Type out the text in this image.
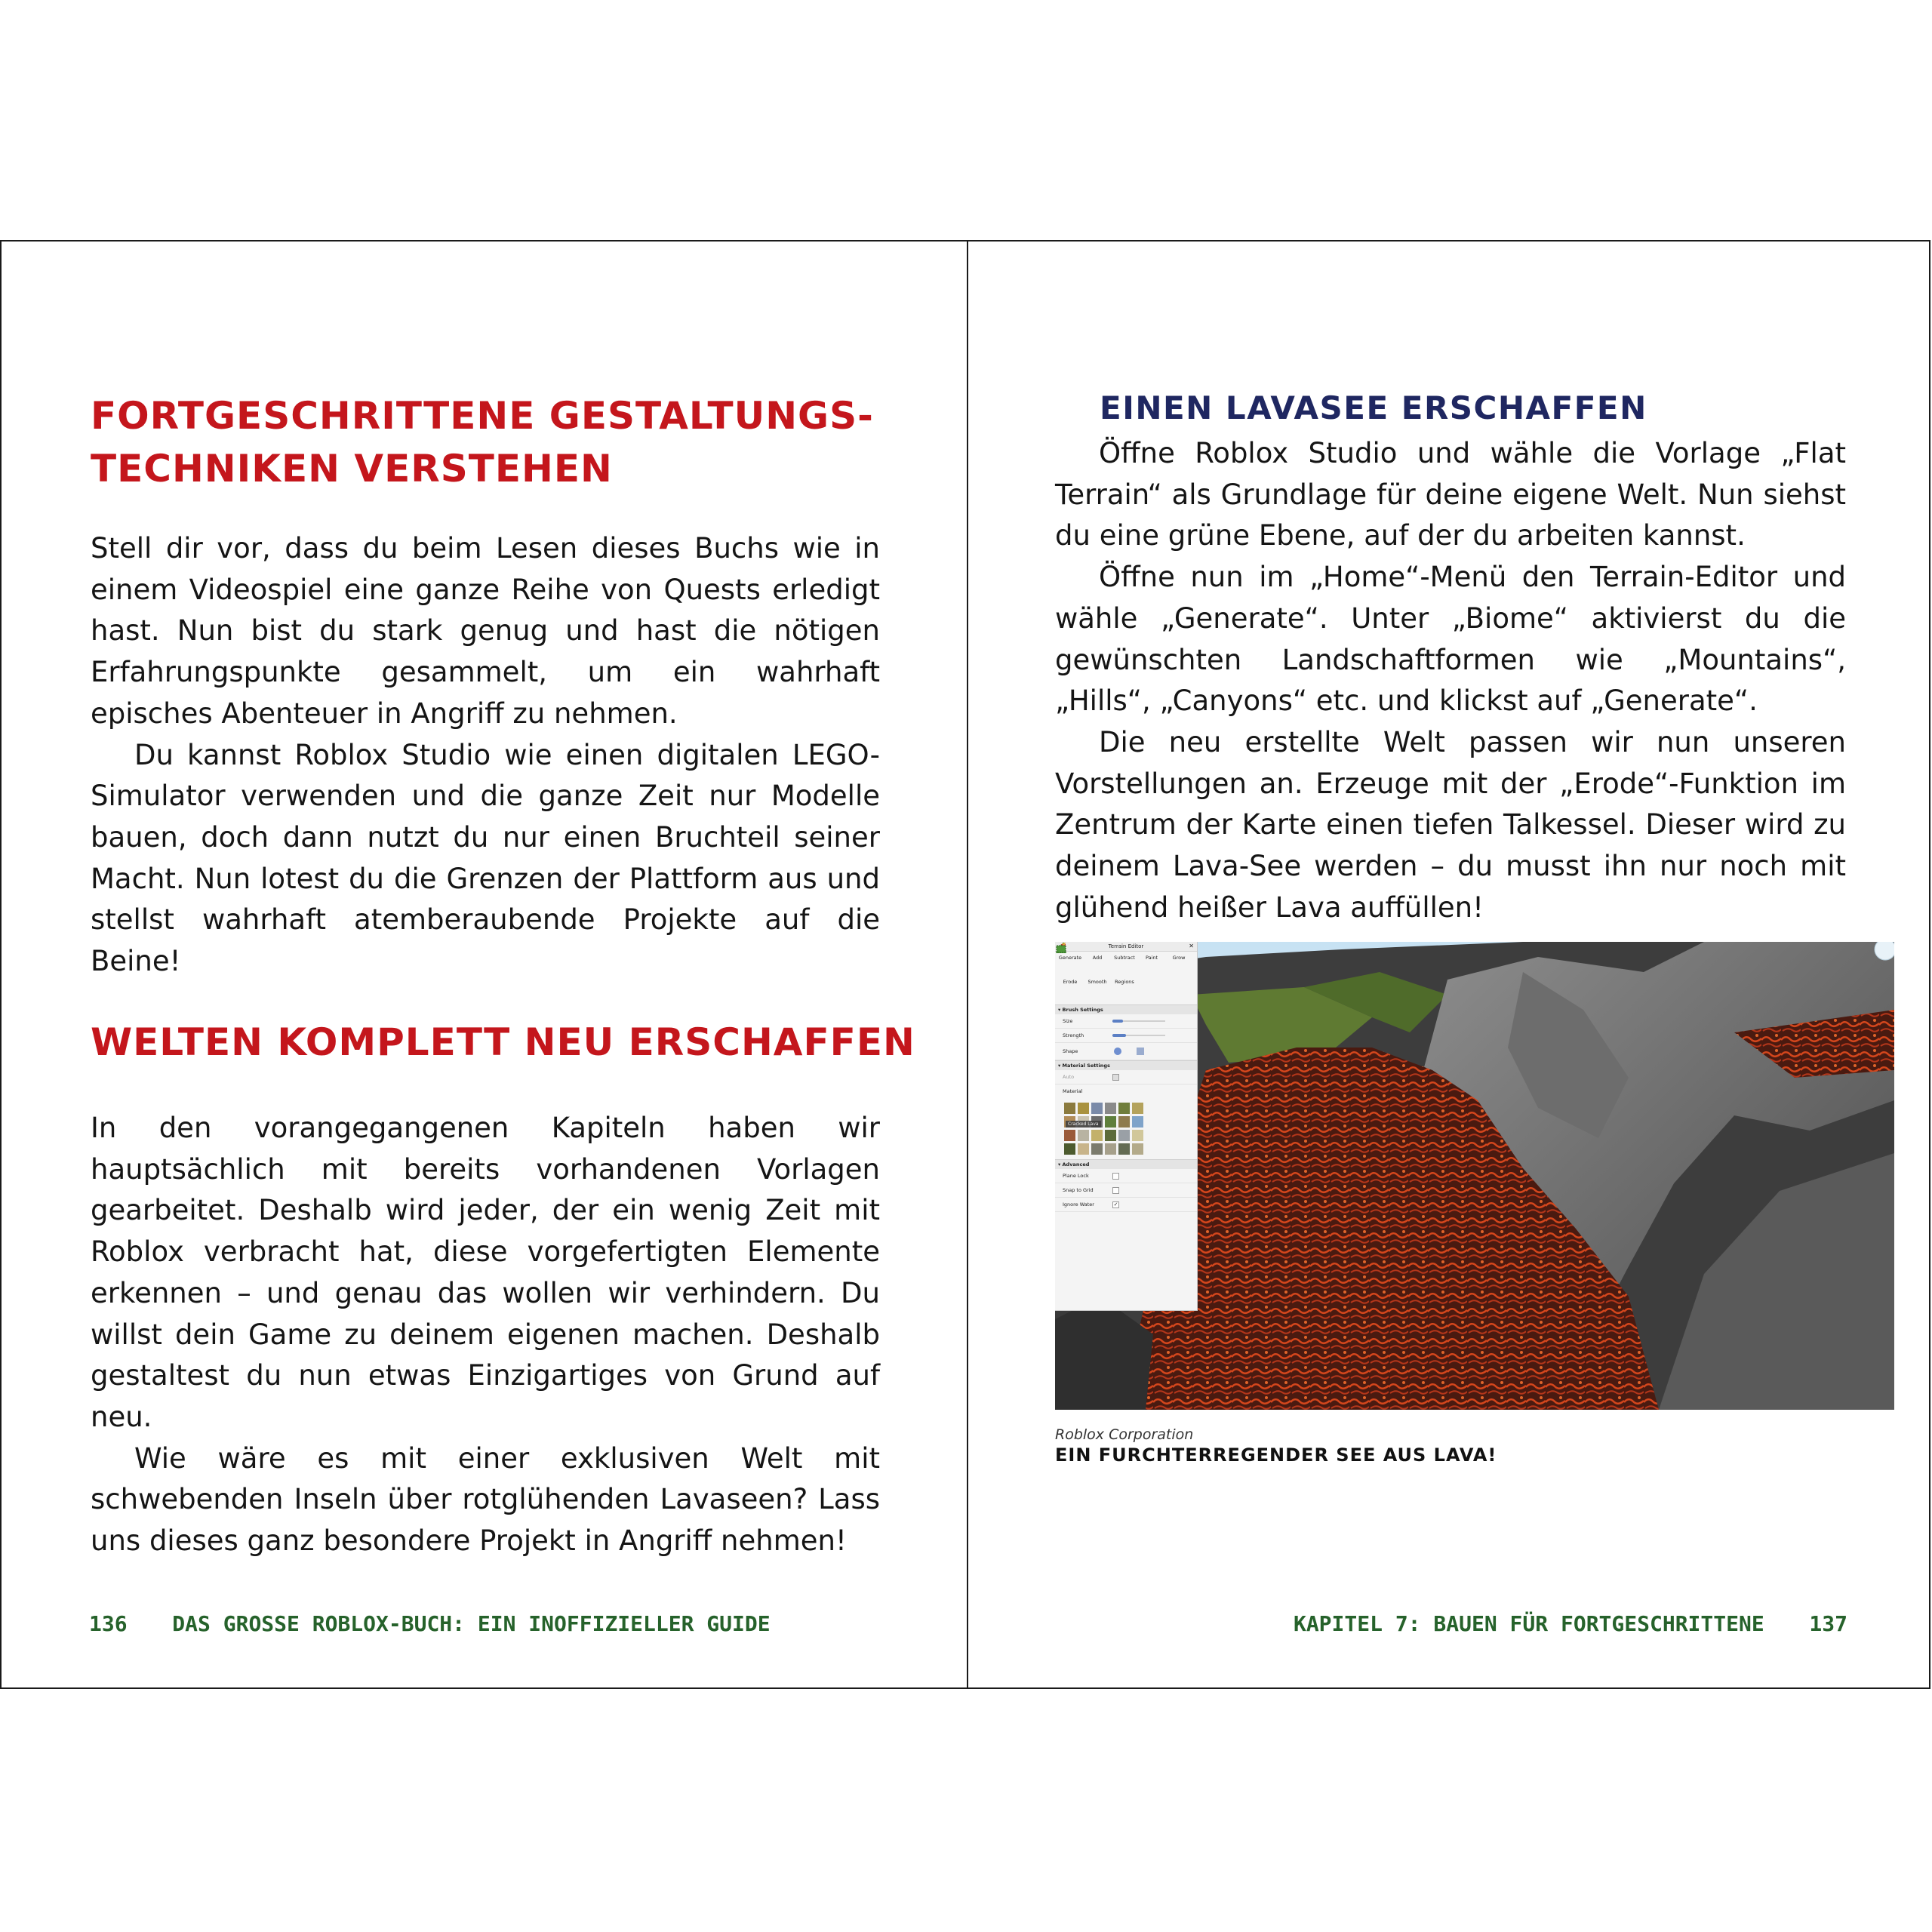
FORTGESCHRITTENE GESTALTUNGS-
TECHNIKEN VERSTEHEN

Stell dir vor, dass du beim Lesen dieses Buchs wie in einem Videospiel eine ganze Reihe von Quests erledigt hast. Nun bist du stark genug und hast die nötigen Erfahrungspunkte gesammelt, um ein wahrhaft episches Abenteuer in Angriff zu nehmen.

Du kannst Roblox Studio wie einen digitalen LEGO-Simulator verwenden und die ganze Zeit nur Modelle bauen, doch dann nutzt du nur einen Bruchteil seiner Macht. Nun lotest du die Grenzen der Plattform aus und stellst wahrhaft atemberaubende Projekte auf die Beine!

WELTEN KOMPLETT NEU ERSCHAFFEN

In den vorangegangenen Kapiteln haben wir hauptsächlich mit bereits vorhandenen Vorlagen gearbeitet. Deshalb wird jeder, der ein wenig Zeit mit Roblox verbracht hat, diese vorgefertigten Elemente erkennen – und genau das wollen wir verhindern. Du willst dein Game zu deinem eigenen machen. Deshalb gestaltest du nun etwas Einzigartiges von Grund auf neu.

Wie wäre es mit einer exklusiven Welt mit schwebenden Inseln über rotglühenden Lavaseen? Lass uns dieses ganz besondere Projekt in Angriff nehmen!

136 DAS GROSSE ROBLOX-BUCH: EIN INOFFIZIELLER GUIDE
EINEN LAVASEE ERSCHAFFEN

Öffne Roblox Studio und wähle die Vorlage „Flat Terrain“ als Grundlage für deine eigene Welt. Nun siehst du eine grüne Ebene, auf der du arbeiten kannst.

Öffne nun im „Home“-Menü den Terrain-Editor und wähle „Generate“. Unter „Biome“ aktivierst du die gewünschten Landschaftformen wie „Mountains“, „Hills“, „Canyons“ etc. und klickst auf „Generate“.

Die neu erstellte Welt passen wir nun unseren Vorstellungen an. Erzeuge mit der „Erode“-Funktion im Zentrum der Karte einen tiefen Talkessel. Dieser wird zu deinem Lava-See werden – du musst ihn nur noch mit glühend heißer Lava auffüllen!

Terrain Editor	✕
Generate Add Subtract Paint	Grow
Erode Smooth Regions
▾ Brush Settings
Size
Strength
Shape
▾ Material Settings
Auto
Material
Cracked Lava
▾ Advanced
Plane Lock
Snap to Grid
Ignore Water	✓
Roblox Corporation
EIN FURCHTERREGENDER SEE AUS LAVA!
KAPITEL 7: BAUEN FÜR FORTGESCHRITTENE 137
